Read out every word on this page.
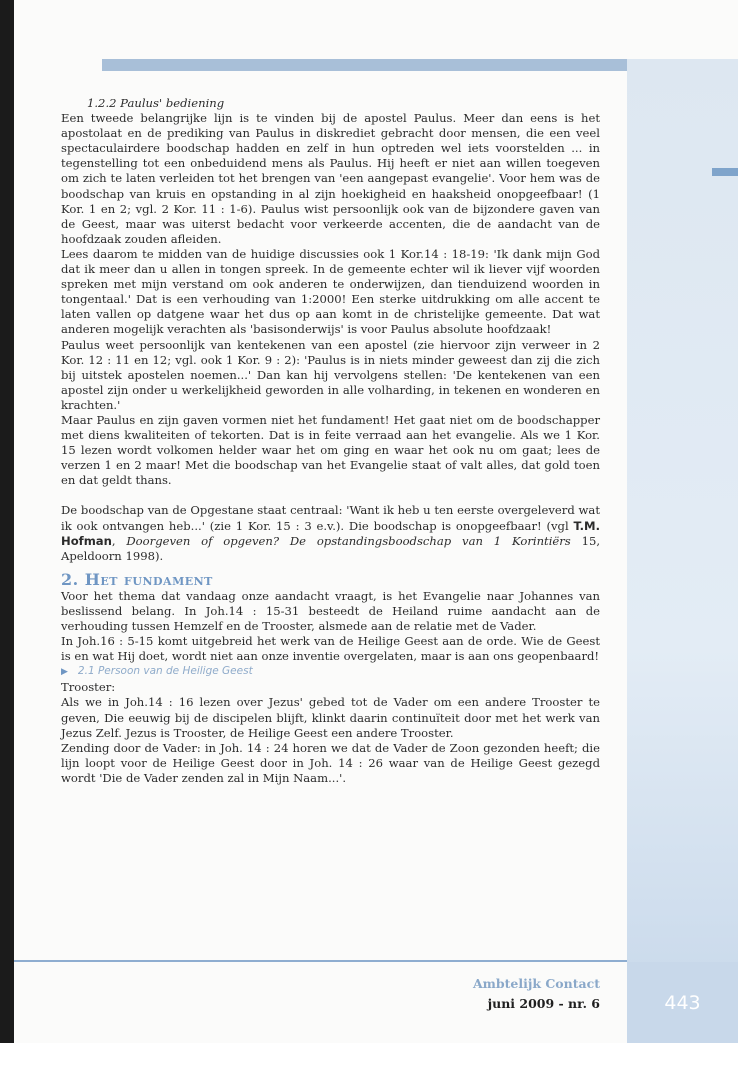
1.2.2 Paulus' bediening

Een tweede belangrijke lijn is te vinden bij de apostel Paulus. Meer dan eens is het apostolaat en de prediking van Paulus in diskrediet gebracht door mensen, die een veel spectaculairdere boodschap hadden en zelf in hun optreden wel iets voorstelden ... in tegenstelling tot een onbeduidend mens als Paulus. Hij heeft er niet aan willen toegeven om zich te laten verleiden tot het brengen van 'een aangepast evangelie'. Voor hem was de boodschap van kruis en opstanding in al zijn hoekigheid en haaksheid onopgeefbaar! (1 Kor. 1 en 2; vgl. 2 Kor. 11 : 1-6). Paulus wist persoonlijk ook van de bijzondere gaven van de Geest, maar was uiterst bedacht voor verkeerde accenten, die de aandacht van de hoofdzaak zouden afleiden.

Lees daarom te midden van de huidige discussies ook 1 Kor.14 : 18-19: 'Ik dank mijn God dat ik meer dan u allen in tongen spreek. In de gemeente echter wil ik liever vijf woorden spreken met mijn verstand om ook anderen te onderwijzen, dan tienduizend woorden in tongentaal.' Dat is een verhouding van 1:2000! Een sterke uitdrukking om alle accent te laten vallen op datgene waar het dus op aan komt in de christelijke gemeente. Dat wat anderen mogelijk verachten als 'basisonderwijs' is voor Paulus absolute hoofdzaak!

Paulus weet persoonlijk van kentekenen van een apostel (zie hiervoor zijn verweer in 2 Kor. 12 : 11 en 12; vgl. ook 1 Kor. 9 : 2): 'Paulus is in niets minder geweest dan zij die zich bij uitstek apostelen noemen...' Dan kan hij vervolgens stellen: 'De kentekenen van een apostel zijn onder u werkelijkheid geworden in alle volharding, in tekenen en wonderen en krachten.'

Maar Paulus en zijn gaven vormen niet het fundament! Het gaat niet om de boodschapper met diens kwaliteiten of tekorten. Dat is in feite verraad aan het evangelie. Als we 1 Kor. 15 lezen wordt volkomen helder waar het om ging en waar het ook nu om gaat; lees de verzen 1 en 2 maar! Met die boodschap van het Evangelie staat of valt alles, dat gold toen en dat geldt thans.

De boodschap van de Opgestane staat centraal: 'Want ik heb u ten eerste overgeleverd wat ik ook ontvangen heb...' (zie 1 Kor. 15 : 3 e.v.). Die boodschap is onopgeefbaar! (vgl T.M. Hofman, Doorgeven of opgeven? De opstandingsboodschap van 1 Korintiërs 15, Apeldoorn 1998).

2. Het fundament

Voor het thema dat vandaag onze aandacht vraagt, is het Evangelie naar Johannes van beslissend belang. In Joh.14 : 15-31 besteedt de Heiland ruime aandacht aan de verhouding tussen Hemzelf en de Trooster, alsmede aan de relatie met de Vader.

In Joh.16 : 5-15 komt uitgebreid het werk van de Heilige Geest aan de orde. Wie de Geest is en wat Hij doet, wordt niet aan onze inventie overgelaten, maar is aan ons geopenbaard!

▶ 2.1 Persoon van de Heilige Geest

Trooster:

Als we in Joh.14 : 16 lezen over Jezus' gebed tot de Vader om een andere Trooster te geven, Die eeuwig bij de discipelen blijft, klinkt daarin continuïteit door met het werk van Jezus Zelf. Jezus is Trooster, de Heilige Geest een andere Trooster.

Zending door de Vader: in Joh. 14 : 24 horen we dat de Vader de Zoon gezonden heeft; die lijn loopt voor de Heilige Geest door in Joh. 14 : 26 waar van de Heilige Geest gezegd wordt 'Die de Vader zenden zal in Mijn Naam...'.

Ambtelijk Contact
juni 2009 - nr. 6	443
